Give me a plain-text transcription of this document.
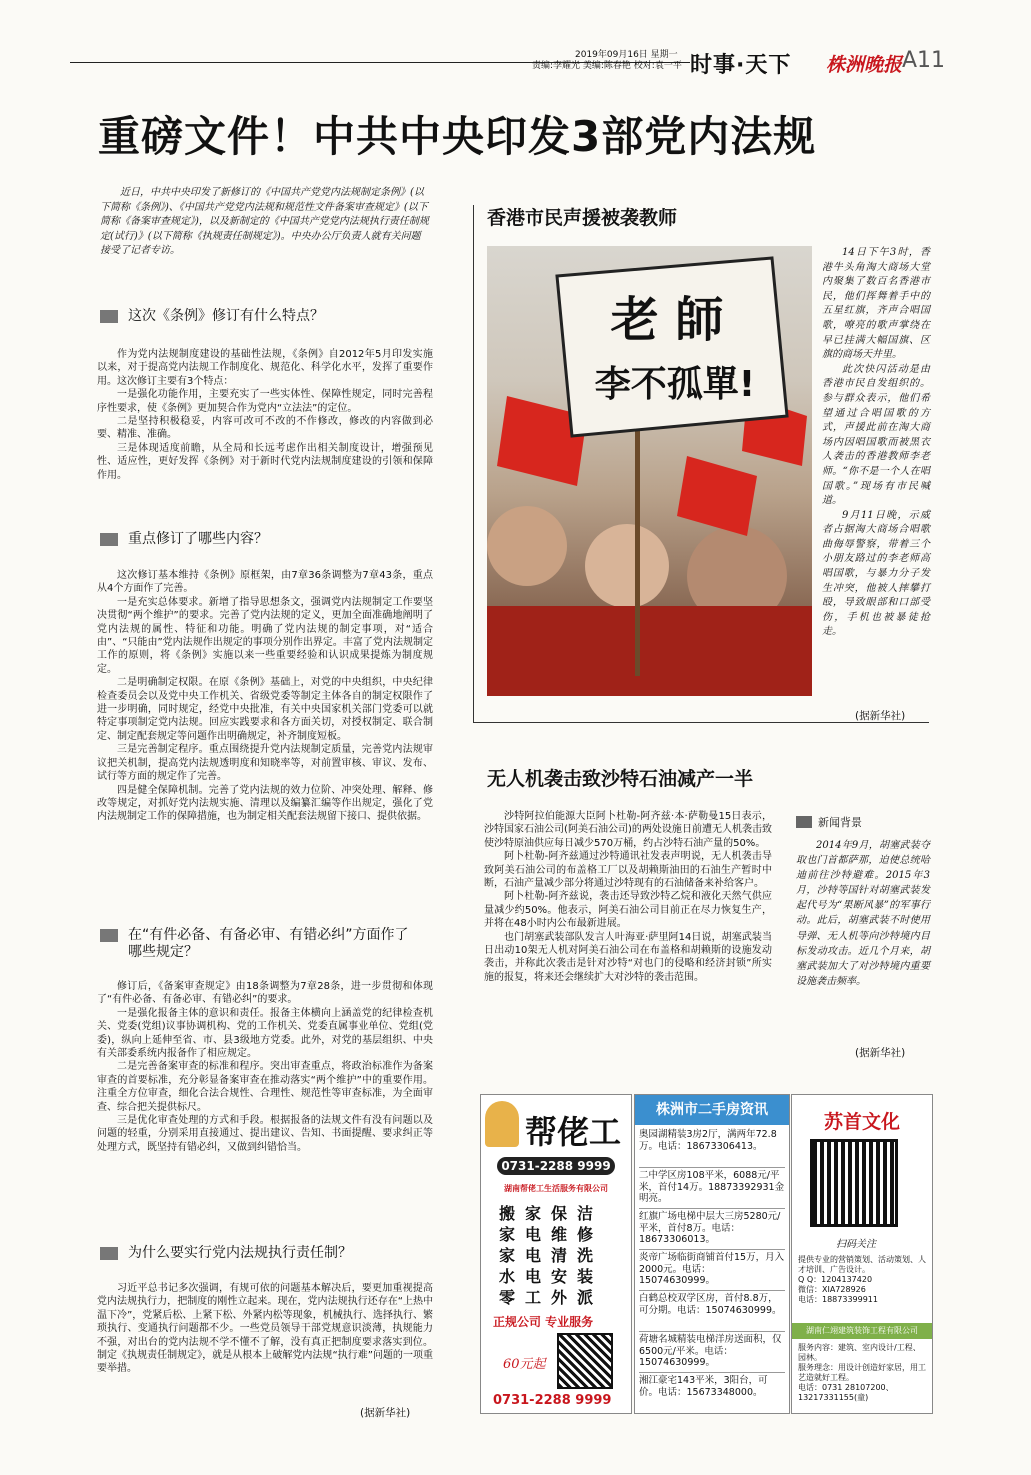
2019年09月16日 星期一
责编:李耀光 美编:陈春艳 校对:袁一平 时事·天下 株洲晚报 A11
重磅文件！中共中央印发3部党内法规
近日，中共中央印发了新修订的《中国共产党党内法规制定条例》(以下简称《条例》)、《中国共产党党内法规和规范性文件备案审查规定》(以下简称《备案审查规定》)，以及新制定的《中国共产党党内法规执行责任制规定(试行)》(以下简称《执规责任制规定》)。中央办公厅负责人就有关问题接受了记者专访。
这次《条例》修订有什么特点？

作为党内法规制度建设的基础性法规，《条例》自2012年5月印发实施以来，对于提高党内法规工作制度化、规范化、科学化水平，发挥了重要作用。这次修订主要有3个特点：

一是强化功能作用，主要充实了一些实体性、保障性规定，同时完善程序性要求，使《条例》更加契合作为党内“立法法”的定位。

二是坚持积极稳妥，内容可改可不改的不作修改，修改的内容做到必要、精准、准确。

三是体现适度前瞻，从全局和长远考虑作出相关制度设计，增强预见性、适应性，更好发挥《条例》对于新时代党内法规制度建设的引领和保障作用。

重点修订了哪些内容？

这次修订基本维持《条例》原框架，由7章36条调整为7章43条，重点从4个方面作了完善。

一是充实总体要求。新增了指导思想条文，强调党内法规制定工作要坚决贯彻“两个维护”的要求。完善了党内法规的定义，更加全面准确地阐明了党内法规的属性、特征和功能。明确了党内法规的制定事项，对“适合由”、“只能由”党内法规作出规定的事项分别作出界定。丰富了党内法规制定工作的原则，将《条例》实施以来一些重要经验和认识成果提炼为制度规定。

二是明确制定权限。在原《条例》基础上，对党的中央组织，中央纪律检查委员会以及党中央工作机关、省级党委等制定主体各自的制定权限作了进一步明确，同时规定，经党中央批准，有关中央国家机关部门党委可以就特定事项制定党内法规。回应实践要求和各方面关切，对授权制定、联合制定、制定配套规定等问题作出明确规定，补齐制度短板。

三是完善制定程序。重点围绕提升党内法规制定质量，完善党内法规审议把关机制，提高党内法规透明度和知晓率等，对前置审核、审议、发布、试行等方面的规定作了完善。

四是健全保障机制。完善了党内法规的效力位阶、冲突处理、解释、修改等规定，对抓好党内法规实施、清理以及编纂汇编等作出规定，强化了党内法规制定工作的保障措施，也为制定相关配套法规留下接口、提供依据。

在“有件必备、有备必审、有错必纠”方面作了哪些规定？

修订后，《备案审查规定》由18条调整为7章28条，进一步贯彻和体现了“有件必备、有备必审、有错必纠”的要求。

一是强化报备主体的意识和责任。报备主体横向上涵盖党的纪律检查机关、党委(党组)议事协调机构、党的工作机关、党委直属事业单位、党组(党委)，纵向上延伸至省、市、县3级地方党委。此外，对党的基层组织、中央有关部委系统内报备作了相应规定。

二是完善备案审查的标准和程序。突出审查重点，将政治标准作为备案审查的首要标准，充分彰显备案审查在推动落实“两个维护”中的重要作用。注重全方位审查，细化合法合规性、合理性、规范性等审查标准，为全面审查、综合把关提供标尺。

三是优化审查处理的方式和手段。根据报备的法规文件有没有问题以及问题的轻重，分别采用直接通过、提出建议、告知、书面提醒、要求纠正等处理方式，既坚持有错必纠，又做到纠错恰当。

为什么要实行党内法规执行责任制？

习近平总书记多次强调，有规可依的问题基本解决后，要更加重视提高党内法规执行力，把制度的刚性立起来。现在，党内法规执行还存在“上热中温下冷”，党紧后松、上紧下松、外紧内松等现象，机械执行、选择执行、繁琐执行、变通执行问题都不少。一些党员领导干部党规意识淡薄，执规能力不强，对出台的党内法规不学不懂不了解，没有真正把制度要求落实到位。制定《执规责任制规定》，就是从根本上破解党内法规“执行难”问题的一项重要举措。

(据新华社)
香港市民声援被袭教师
老 師
李不孤單!

14日下午3时，香港牛头角淘大商场大堂内聚集了数百名香港市民，他们挥舞着手中的五星红旗，齐声合唱国歌，嘹亮的歌声掌绕在早已挂满大幅国旗、区旗的商场天井里。

此次快闪活动是由香港市民自发组织的。参与群众表示，他们希望通过合唱国歌的方式，声援此前在淘大商场内因唱国歌而被黑衣人袭击的香港教师李老师。“你不是一个人在唱国歌。”现场有市民喊道。

9月11日晚，示威者占据淘大商场合唱歌曲侮辱警察，带着三个小朋友路过的李老师高唱国歌，与暴力分子发生冲突，他被人摔攀打殴，导致眼部和口部受伤，手机也被暴徒抢走。

(据新华社)
无人机袭击致沙特石油减产一半

沙特阿拉伯能源大臣阿卜杜勒-阿齐兹·本·萨勒曼15日表示，沙特国家石油公司(阿美石油公司)的两处设施日前遭无人机袭击致使沙特原油供应每日减少570万桶，约占沙特石油产量的50%。

阿卜杜勒-阿齐兹通过沙特通讯社发表声明说，无人机袭击导致阿美石油公司的布盖格工厂以及胡赖斯油田的石油生产暂时中断，石油产量减少部分将通过沙特现有的石油储备来补给客户。

阿卜杜勒-阿齐兹说，袭击还导致沙特乙烷和液化天然气供应量减少约50%。他表示，阿美石油公司目前正在尽力恢复生产，并将在48小时内公布最新进展。

也门胡塞武装部队发言人叶海亚·萨里阿14日说，胡塞武装当日出动10架无人机对阿美石油公司在布盖格和胡赖斯的设施发动袭击，并称此次袭击是针对沙特“对也门的侵略和经济封锁”所实施的报复，将来还会继续扩大对沙特的袭击范围。

新闻背景

2014年9月，胡塞武装夺取也门首都萨那，迫使总统哈迪前往沙特避难。2015年3月，沙特等国针对胡塞武装发起代号为“果断风暴”的军事行动。此后，胡塞武装不时使用导弹、无人机等向沙特境内目标发动攻击。近几个月来，胡塞武装加大了对沙特境内重要设施袭击频率。

(据新华社)
帮佬工
0731-2288 9999
湖南帮佬工生活服务有限公司
搬家保洁
家电维修
家电清洗
水电安装
零工外派
正规公司 专业服务
60元起
0731-2288 9999
株洲市二手房资讯
奥园湖精装3房2厅，满两年72.8万。电话：18673306413。
二中学区房108平米，6088元/平米，首付14万。18873392931金明亮。
红旗广场电梯中层大三房5280元/平米，首付8万。电话：18673306013。
炎帝广场临街商铺首付15万，月入2000元。电话：15074630999。
白鹤总校双学区房，首付8.8万，可分期。电话：15074630999。
荷塘名城精装电梯洋房送面积，仅6500元/平米。电话：15074630999。
湘江豪宅143平米，3阳台，可价。电话：15673348000。
苏首文化
扫码关注
提供专业的营销策划、活动策划、人才培训、广告设计。
Q Q：1204137420
微信：XIA728926
电话：18873399911
湖南仁翊建筑装饰工程有限公司
服务内容：建筑、室内设计/工程、园林。
服务理念：用设计创造好家居，用工艺造就好工程。
电话：0731 28107200、
13217331155(童)
